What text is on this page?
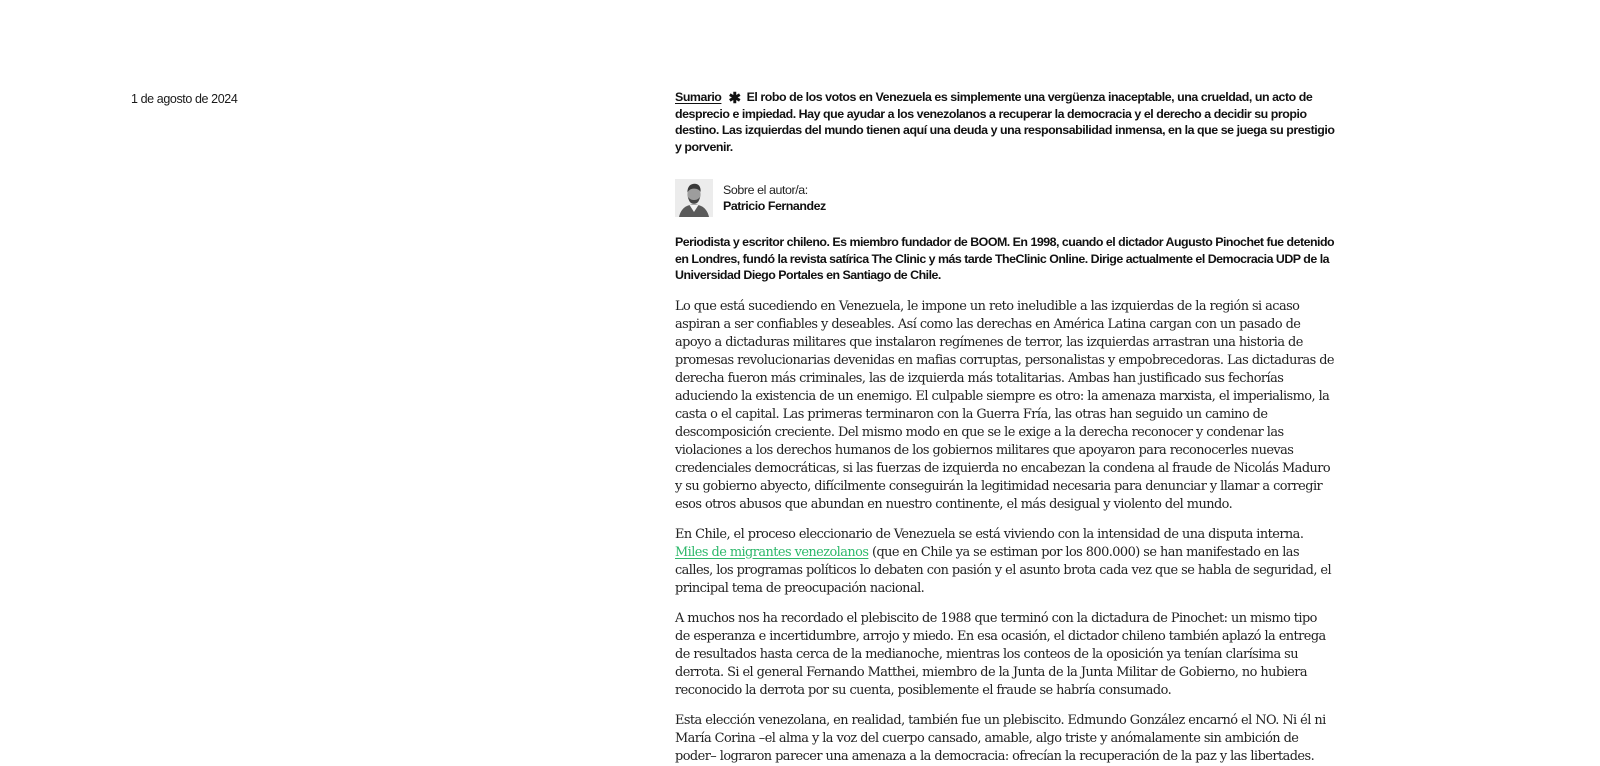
1 de agosto de 2024	Sumario ✱ El robo de los votos en Venezuela es simplemente una vergüenza inaceptable, una crueldad, un acto de desprecio e impiedad. Hay que ayudar a los venezolanos a recuperar la democracia y el derecho a decidir su propio destino. Las izquierdas del mundo tienen aquí una deuda y una responsabilidad inmensa, en la que se juega su prestigio y porvenir.

Sobre el autor/a:
Patricio Fernandez

Periodista y escritor chileno. Es miembro fundador de BOOM. En 1998, cuando el dictador Augusto Pinochet fue detenido en Londres, fundó la revista satírica The Clinic y más tarde TheClinic Online. Dirige actualmente el Democracia UDP de la Universidad Diego Portales en Santiago de Chile.

Lo que está sucediendo en Venezuela, le impone un reto ineludible a las izquierdas de la región si acaso aspiran a ser confiables y deseables. Así como las derechas en América Latina cargan con un pasado de apoyo a dictaduras militares que instalaron regímenes de terror, las izquierdas arrastran una historia de promesas revolucionarias devenidas en mafias corruptas, personalistas y empobrecedoras. Las dictaduras de derecha fueron más criminales, las de izquierda más totalitarias. Ambas han justificado sus fechorías aduciendo la existencia de un enemigo. El culpable siempre es otro: la amenaza marxista, el imperialismo, la casta o el capital. Las primeras terminaron con la Guerra Fría, las otras han seguido un camino de descomposición creciente. Del mismo modo en que se le exige a la derecha reconocer y condenar las violaciones a los derechos humanos de los gobiernos militares que apoyaron para reconocerles nuevas credenciales democráticas, si las fuerzas de izquierda no encabezan la condena al fraude de Nicolás Maduro y su gobierno abyecto, difícilmente conseguirán la legitimidad necesaria para denunciar y llamar a corregir esos otros abusos que abundan en nuestro continente, el más desigual y violento del mundo.

En Chile, el proceso eleccionario de Venezuela se está viviendo con la intensidad de una disputa interna. Miles de migrantes venezolanos (que en Chile ya se estiman por los 800.000) se han manifestado en las calles, los programas políticos lo debaten con pasión y el asunto brota cada vez que se habla de seguridad, el principal tema de preocupación nacional.

A muchos nos ha recordado el plebiscito de 1988 que terminó con la dictadura de Pinochet: un mismo tipo de esperanza e incertidumbre, arrojo y miedo. En esa ocasión, el dictador chileno también aplazó la entrega de resultados hasta cerca de la medianoche, mientras los conteos de la oposición ya tenían clarísima su derrota. Si el general Fernando Matthei, miembro de la Junta de la Junta Militar de Gobierno, no hubiera reconocido la derrota por su cuenta, posiblemente el fraude se habría consumado.

Esta elección venezolana, en realidad, también fue un plebiscito. Edmundo González encarnó el NO. Ni él ni María Corina –el alma y la voz del cuerpo cansado, amable, algo triste y anómalamente sin ambición de poder– lograron parecer una amenaza a la democracia: ofrecían la recuperación de la paz y las libertades.
